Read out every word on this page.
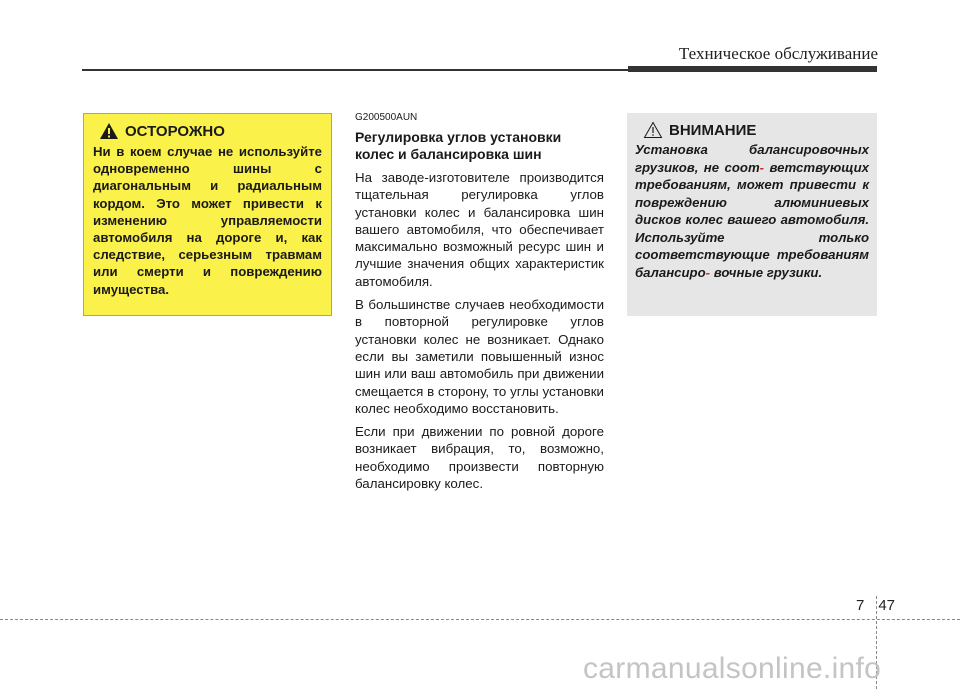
Техническое обслуживание
ОСТОРОЖНО
Ни в коем случае не используйте одновременно шины с диагональным и радиальным кордом. Это может привести к изменению управляемости автомобиля на дороге и, как следствие, серьезным травмам или смерти и повреждению имущества.
G200500AUN
Регулировка углов установки колес и балансировка шин

На заводе-изготовителе производится тщательная регулировка углов установки колес и балансировка шин вашего автомобиля, что обеспечивает максимально возможный ресурс шин и лучшие значения общих характеристик автомобиля.

В большинстве случаев необходимости в повторной регулировке углов установки колес не возникает. Однако если вы заметили повышенный износ шин или ваш автомобиль при движении смещается в сторону, то углы установки колес необходимо восстановить.

Если при движении по ровной дороге возникает вибрация, то, возможно, необходимо произвести повторную балансировку колес.

ВНИМАНИЕ
Установка балансировочных грузиков, не соот- ветствующих требованиям, может привести к повреждению алюминиевых дисков колес вашего автомобиля. Используйте только соответствующие требованиям балансиро- вочные грузики.
7 47
carmanualsonline.info
